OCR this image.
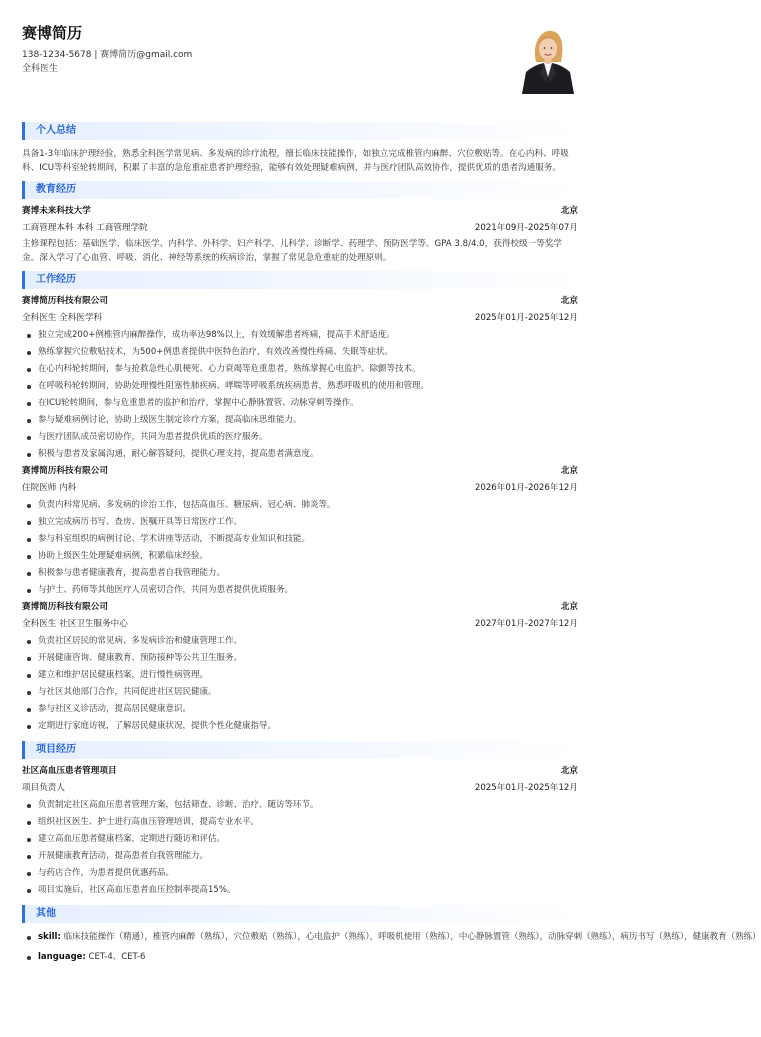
赛博简历
138-1234-5678 | 赛博简历@gmail.com
全科医生
个人总结
具备1-3年临床护理经验，熟悉全科医学常见病、多发病的诊疗流程，擅长临床技能操作，如独立完成椎管内麻醉、穴位敷贴等。在心内科、呼吸科、ICU等科室轮转期间，积累了丰富的急危重症患者护理经验，能够有效处理疑难病例，并与医疗团队高效协作，提供优质的患者沟通服务。
教育经历
赛博未来科技大学	北京
工商管理本科 本科 工商管理学院	2021年09月-2025年07月
主修课程包括：基础医学、临床医学、内科学、外科学、妇产科学、儿科学、诊断学、药理学、预防医学等。GPA 3.8/4.0，获得校级一等奖学金。深入学习了心血管、呼吸、消化、神经等系统的疾病诊治，掌握了常见急危重症的处理原则。
工作经历
赛博简历科技有限公司	北京
全科医生 全科医学科	2025年01月-2025年12月
独立完成200+例椎管内麻醉操作，成功率达98%以上，有效缓解患者疼痛，提高手术舒适度。
熟练掌握穴位敷贴技术，为500+例患者提供中医特色治疗，有效改善慢性疼痛、失眠等症状。
在心内科轮转期间，参与抢救急性心肌梗死、心力衰竭等危重患者，熟练掌握心电监护、除颤等技术。
在呼吸科轮转期间，协助处理慢性阻塞性肺疾病、哮喘等呼吸系统疾病患者，熟悉呼吸机的使用和管理。
在ICU轮转期间，参与危重患者的监护和治疗，掌握中心静脉置管、动脉穿刺等操作。
参与疑难病例讨论，协助上级医生制定诊疗方案，提高临床思维能力。
与医疗团队成员密切协作，共同为患者提供优质的医疗服务。
积极与患者及家属沟通，耐心解答疑问，提供心理支持，提高患者满意度。
赛博简历科技有限公司	北京
住院医师 内科	2026年01月-2026年12月
负责内科常见病、多发病的诊治工作，包括高血压、糖尿病、冠心病、肺炎等。
独立完成病历书写、查房、医嘱开具等日常医疗工作。
参与科室组织的病例讨论、学术讲座等活动，不断提高专业知识和技能。
协助上级医生处理疑难病例，积累临床经验。
积极参与患者健康教育，提高患者自我管理能力。
与护士、药师等其他医疗人员密切合作，共同为患者提供优质服务。
赛博简历科技有限公司	北京
全科医生 社区卫生服务中心	2027年01月-2027年12月
负责社区居民的常见病、多发病诊治和健康管理工作。
开展健康咨询、健康教育、预防接种等公共卫生服务。
建立和维护居民健康档案，进行慢性病管理。
与社区其他部门合作，共同促进社区居民健康。
参与社区义诊活动，提高居民健康意识。
定期进行家庭访视，了解居民健康状况，提供个性化健康指导。
项目经历
社区高血压患者管理项目	北京
项目负责人	2025年01月-2025年12月
负责制定社区高血压患者管理方案，包括筛查、诊断、治疗、随访等环节。
组织社区医生、护士进行高血压管理培训，提高专业水平。
建立高血压患者健康档案，定期进行随访和评估。
开展健康教育活动，提高患者自我管理能力。
与药店合作，为患者提供优惠药品。
项目实施后，社区高血压患者血压控制率提高15%。
其他
skill: 临床技能操作（精通），椎管内麻醉（熟练），穴位敷贴（熟练），心电监护（熟练），呼吸机使用（熟练），中心静脉置管（熟练），动脉穿刺（熟练），病历书写（熟练），健康教育（熟练）
language: CET-4、CET-6
